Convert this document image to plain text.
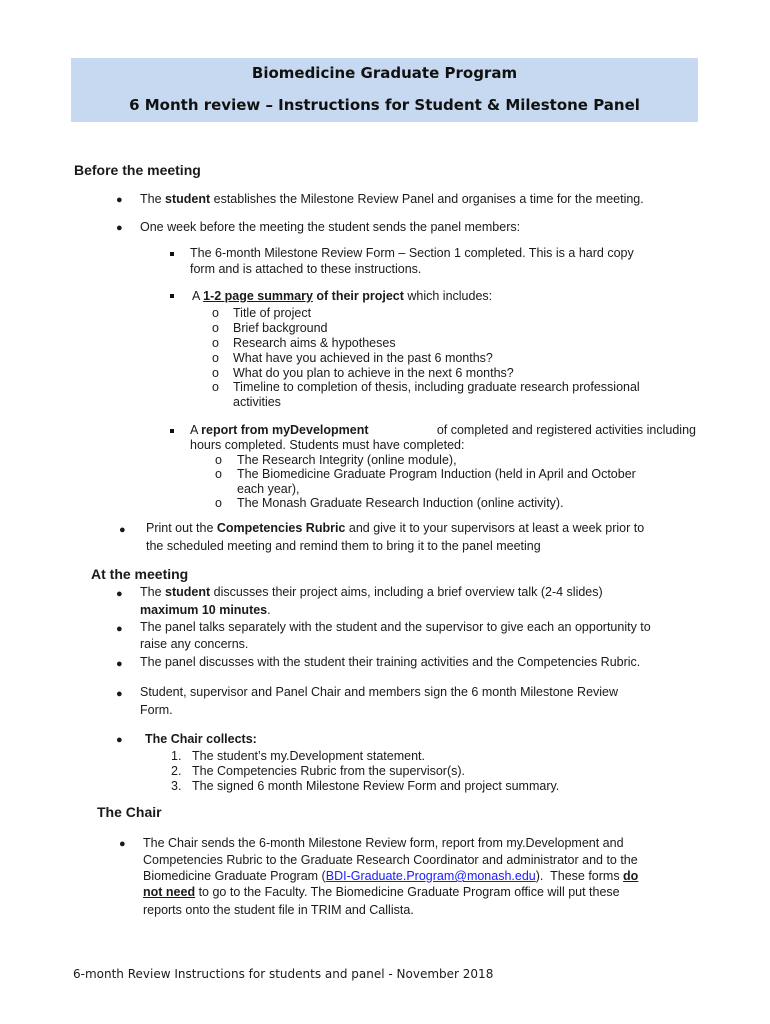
Biomedicine Graduate Program
6 Month review – Instructions for Student & Milestone Panel
Before the meeting
● The student establishes the Milestone Review Panel and organises a time for the meeting.
● One week before the meeting the student sends the panel members:
The 6-month Milestone Review Form – Section 1 completed. This is a hard copy
form and is attached to these instructions.
A 1-2 page summary of their project which includes:
o Title of project
o Brief background
o Research aims & hypotheses
o What have you achieved in the past 6 months?
o What do you plan to achieve in the next 6 months?
o Timeline to completion of thesis, including graduate research professional
activities
A report from myDevelopment	of completed and registered activities including
hours completed. Students must have completed:
o The Research Integrity (online module),
o The Biomedicine Graduate Program Induction (held in April and October
each year),
o The Monash Graduate Research Induction (online activity).
● Print out the Competencies Rubric and give it to your supervisors at least a week prior to
the scheduled meeting and remind them to bring it to the panel meeting
At the meeting
● The student discusses their project aims, including a brief overview talk (2-4 slides)
maximum 10 minutes.
● The panel talks separately with the student and the supervisor to give each an opportunity to
raise any concerns.
● The panel discusses with the student their training activities and the Competencies Rubric.
● Student, supervisor and Panel Chair and members sign the 6 month Milestone Review
Form.
● The Chair collects:
1. The student’s my.Development statement.
2. The Competencies Rubric from the supervisor(s).
3. The signed 6 month Milestone Review Form and project summary.
The Chair
● The Chair sends the 6-month Milestone Review form, report from my.Development and
Competencies Rubric to the Graduate Research Coordinator and administrator and to the
Biomedicine Graduate Program (BDI-Graduate.Program@monash.edu).  These forms do
not need to go to the Faculty. The Biomedicine Graduate Program office will put these
reports onto the student file in TRIM and Callista.
6-month Review Instructions for students and panel - November 2018
